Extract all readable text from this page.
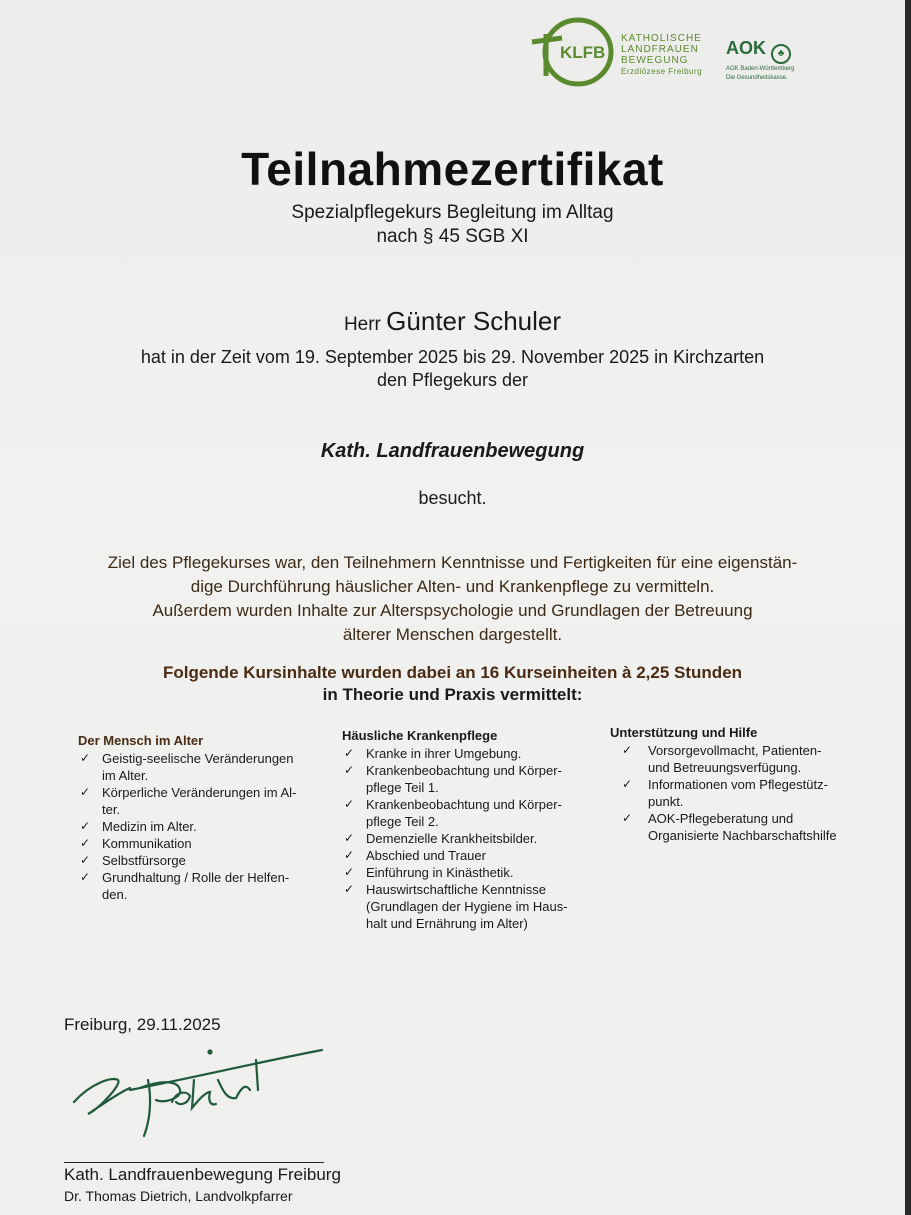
KLFB
KATHOLISCHE
LANDFRAUEN
BEWEGUNG
Erzdiözese Freiburg
AOK ♣
AOK Baden-Württemberg
Die Gesundheitskasse.
Teilnahmezertifikat
Spezialpflegekurs Begleitung im Alltag
nach § 45 SGB XI
Herr Günter Schuler
hat in der Zeit vom 19. September 2025 bis 29. November 2025 in Kirchzarten
den Pflegekurs der
Kath. Landfrauenbewegung
besucht.
Ziel des Pflegekurses war, den Teilnehmern Kenntnisse und Fertigkeiten für eine eigenstän-
dige Durchführung häuslicher Alten- und Krankenpflege zu vermitteln.
Außerdem wurden Inhalte zur Alterspsychologie und Grundlagen der Betreuung
älterer Menschen dargestellt.
Folgende Kursinhalte wurden dabei an 16 Kurseinheiten à 2,25 Stunden
in Theorie und Praxis vermittelt:
Der Mensch im Alter
✓ Geistig-seelische Veränderungen
im Alter.
✓ Körperliche Veränderungen im Al-
ter.
✓ Medizin im Alter.
✓ Kommunikation
✓ Selbstfürsorge
✓ Grundhaltung / Rolle der Helfen-
den.
Häusliche Krankenpflege
✓ Kranke in ihrer Umgebung.
✓ Krankenbeobachtung und Körper-
pflege Teil 1.
✓ Krankenbeobachtung und Körper-
pflege Teil 2.
✓ Demenzielle Krankheitsbilder.
✓ Abschied und Trauer
✓ Einführung in Kinästhetik.
✓ Hauswirtschaftliche Kenntnisse
(Grundlagen der Hygiene im Haus-
halt und Ernährung im Alter)
Unterstützung und Hilfe
✓ Vorsorgevollmacht, Patienten-
und Betreuungsverfügung.
✓ Informationen vom Pflegestütz-
punkt.
✓ AOK-Pflegeberatung und
Organisierte Nachbarschaftshilfe
Freiburg, 29.11.2025
Kath. Landfrauenbewegung Freiburg
Dr. Thomas Dietrich, Landvolkpfarrer
